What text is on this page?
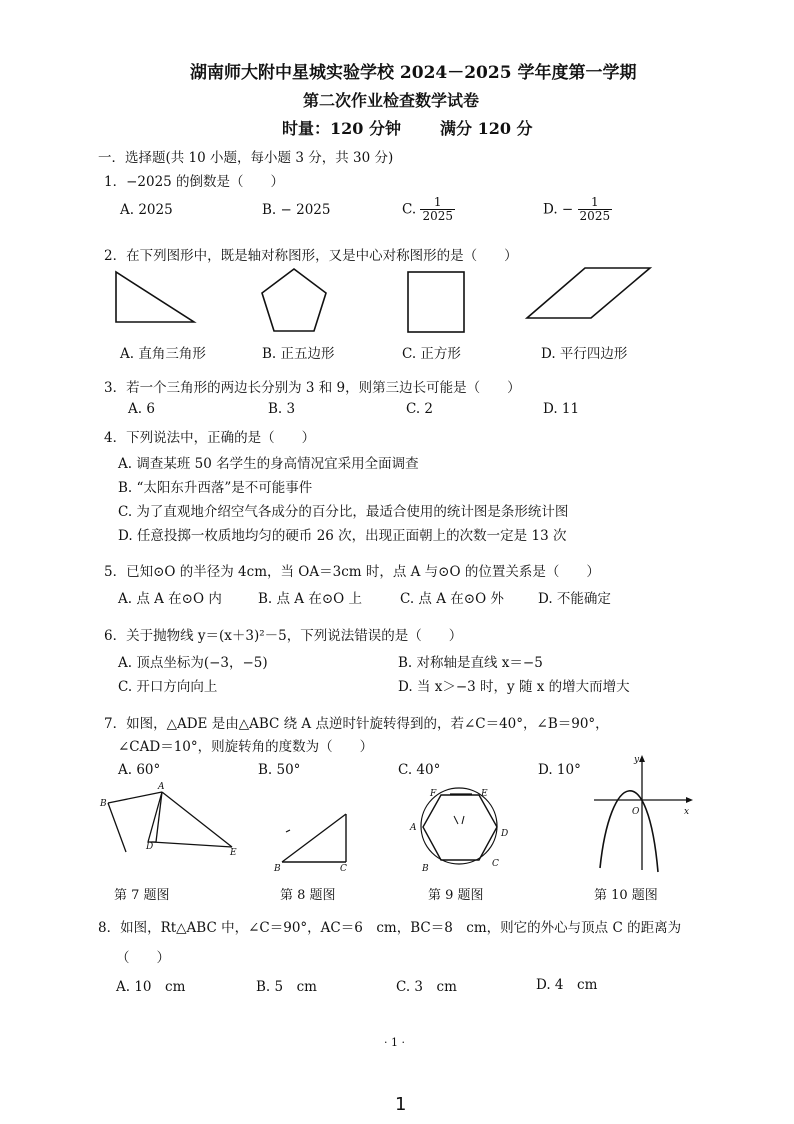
湖南师大附中星城实验学校 2024－2025 学年度第一学期
第二次作业检查数学试卷
时量：120 分钟 满分 120 分
一．选择题(共 10 小题，每小题 3 分，共 30 分)
1．−2025 的倒数是（　　）
A. 2025	B. − 2025	C. $\frac{1}{2025}$	D. − $\frac{1}{2025}$
2．在下列图形中，既是轴对称图形，又是中心对称图形的是（　　）
A. 直角三角形	B. 正五边形	C. 正方形	D. 平行四边形
3．若一个三角形的两边长分别为 3 和 9，则第三边长可能是（　　）
A. 6	B. 3	C. 2	D. 11
4．下列说法中，正确的是（　　）
A. 调查某班 50 名学生的身高情况宜采用全面调查
B. “太阳东升西落”是不可能事件
C. 为了直观地介绍空气各成分的百分比，最适合使用的统计图是条形统计图
D. 任意投掷一枚质地均匀的硬币 26 次，出现正面朝上的次数一定是 13 次
5．已知⊙O 的半径为 4cm，当 OA＝3cm 时，点 A 与⊙O 的位置关系是（　　）
A. 点 A 在⊙O 内	B. 点 A 在⊙O 上	C. 点 A 在⊙O 外	D. 不能确定
6．关于抛物线 y＝(x＋3)²－5，下列说法错误的是（　　）
A. 顶点坐标为(−3，−5)	B. 对称轴是直线 x＝−5
C. 开口方向向上	D. 当 x＞−3 时，y 随 x 的增大而增大
7．如图，△ADE 是由△ABC 绕 A 点逆时针旋转得到的，若∠C＝40°，∠B＝90°，
∠CAD＝10°，则旋转角的度数为（　　）
A. 60°	B. 50°	C. 40°	D. 10°
A
B
D
E
B	C
F	E
A
D
B	C
y
x
O
第 7 题图	第 8 题图	第 9 题图	第 10 题图
8．如图，Rt△ABC 中，∠C＝90°，AC＝6　cm，BC＝8　cm，则它的外心与顶点 C 的距离为
（　　）
A. 10　cm	B. 5　cm	C. 3　cm	D. 4　cm
· 1 ·
1
